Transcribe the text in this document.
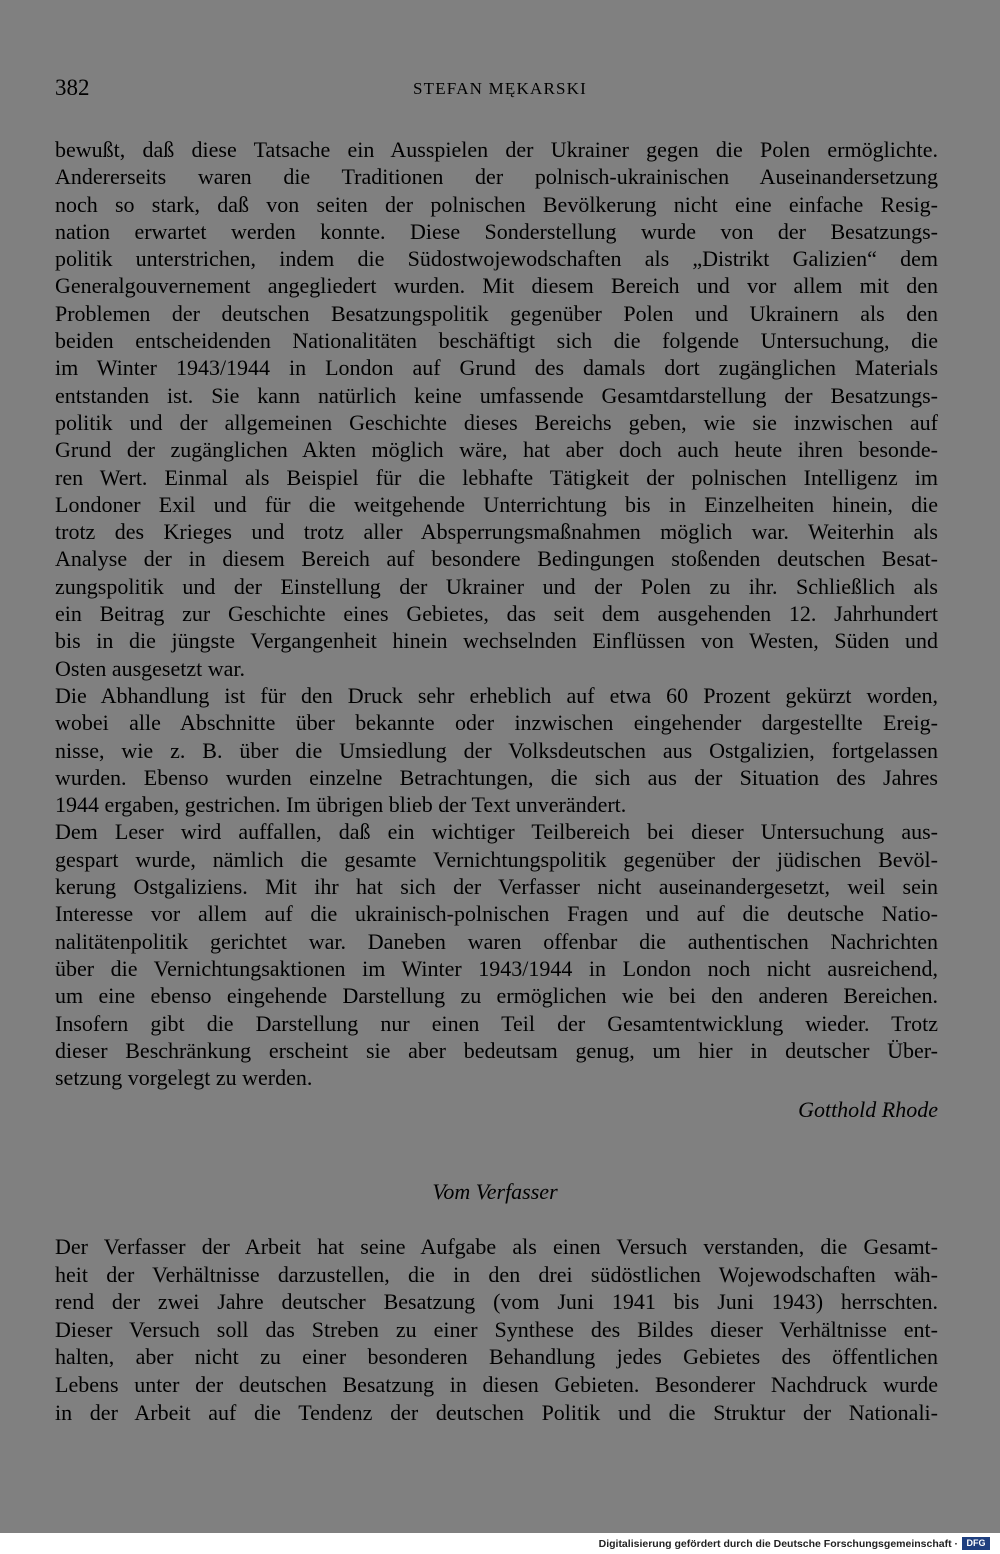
382	STEFAN MĘKARSKI
bewußt, daß diese Tatsache ein Ausspielen der Ukrainer gegen die Polen ermöglichte.
Andererseits waren die Traditionen der polnisch-ukrainischen Auseinandersetzung
noch so stark, daß von seiten der polnischen Bevölkerung nicht eine einfache Resig-
nation erwartet werden konnte. Diese Sonderstellung wurde von der Besatzungs-
politik unterstrichen, indem die Südostwojewodschaften als „Distrikt Galizien“ dem
Generalgouvernement angegliedert wurden. Mit diesem Bereich und vor allem mit den
Problemen der deutschen Besatzungspolitik gegenüber Polen und Ukrainern als den
beiden entscheidenden Nationalitäten beschäftigt sich die folgende Untersuchung, die
im Winter 1943/1944 in London auf Grund des damals dort zugänglichen Materials
entstanden ist. Sie kann natürlich keine umfassende Gesamtdarstellung der Besatzungs-
politik und der allgemeinen Geschichte dieses Bereichs geben, wie sie inzwischen auf
Grund der zugänglichen Akten möglich wäre, hat aber doch auch heute ihren besonde-
ren Wert. Einmal als Beispiel für die lebhafte Tätigkeit der polnischen Intelligenz im
Londoner Exil und für die weitgehende Unterrichtung bis in Einzelheiten hinein, die
trotz des Krieges und trotz aller Absperrungsmaßnahmen möglich war. Weiterhin als
Analyse der in diesem Bereich auf besondere Bedingungen stoßenden deutschen Besat-
zungspolitik und der Einstellung der Ukrainer und der Polen zu ihr. Schließlich als
ein Beitrag zur Geschichte eines Gebietes, das seit dem ausgehenden 12. Jahrhundert
bis in die jüngste Vergangenheit hinein wechselnden Einflüssen von Westen, Süden und
Osten ausgesetzt war.
Die Abhandlung ist für den Druck sehr erheblich auf etwa 60 Prozent gekürzt worden,
wobei alle Abschnitte über bekannte oder inzwischen eingehender dargestellte Ereig-
nisse, wie z. B. über die Umsiedlung der Volksdeutschen aus Ostgalizien, fortgelassen
wurden. Ebenso wurden einzelne Betrachtungen, die sich aus der Situation des Jahres
1944 ergaben, gestrichen. Im übrigen blieb der Text unverändert.
Dem Leser wird auffallen, daß ein wichtiger Teilbereich bei dieser Untersuchung aus-
gespart wurde, nämlich die gesamte Vernichtungspolitik gegenüber der jüdischen Bevöl-
kerung Ostgaliziens. Mit ihr hat sich der Verfasser nicht auseinandergesetzt, weil sein
Interesse vor allem auf die ukrainisch-polnischen Fragen und auf die deutsche Natio-
nalitätenpolitik gerichtet war. Daneben waren offenbar die authentischen Nachrichten
über die Vernichtungsaktionen im Winter 1943/1944 in London noch nicht ausreichend,
um eine ebenso eingehende Darstellung zu ermöglichen wie bei den anderen Bereichen.
Insofern gibt die Darstellung nur einen Teil der Gesamtentwicklung wieder. Trotz
dieser Beschränkung erscheint sie aber bedeutsam genug, um hier in deutscher Über-
setzung vorgelegt zu werden.
Gotthold Rhode
Vom Verfasser
Der Verfasser der Arbeit hat seine Aufgabe als einen Versuch verstanden, die Gesamt-
heit der Verhältnisse darzustellen, die in den drei südöstlichen Wojewodschaften wäh-
rend der zwei Jahre deutscher Besatzung (vom Juni 1941 bis Juni 1943) herrschten.
Dieser Versuch soll das Streben zu einer Synthese des Bildes dieser Verhältnisse ent-
halten, aber nicht zu einer besonderen Behandlung jedes Gebietes des öffentlichen
Lebens unter der deutschen Besatzung in diesen Gebieten. Besonderer Nachdruck wurde
in der Arbeit auf die Tendenz der deutschen Politik und die Struktur der Nationali-
Digitalisierung gefördert durch die Deutsche Forschungsgemeinschaft · DFG
